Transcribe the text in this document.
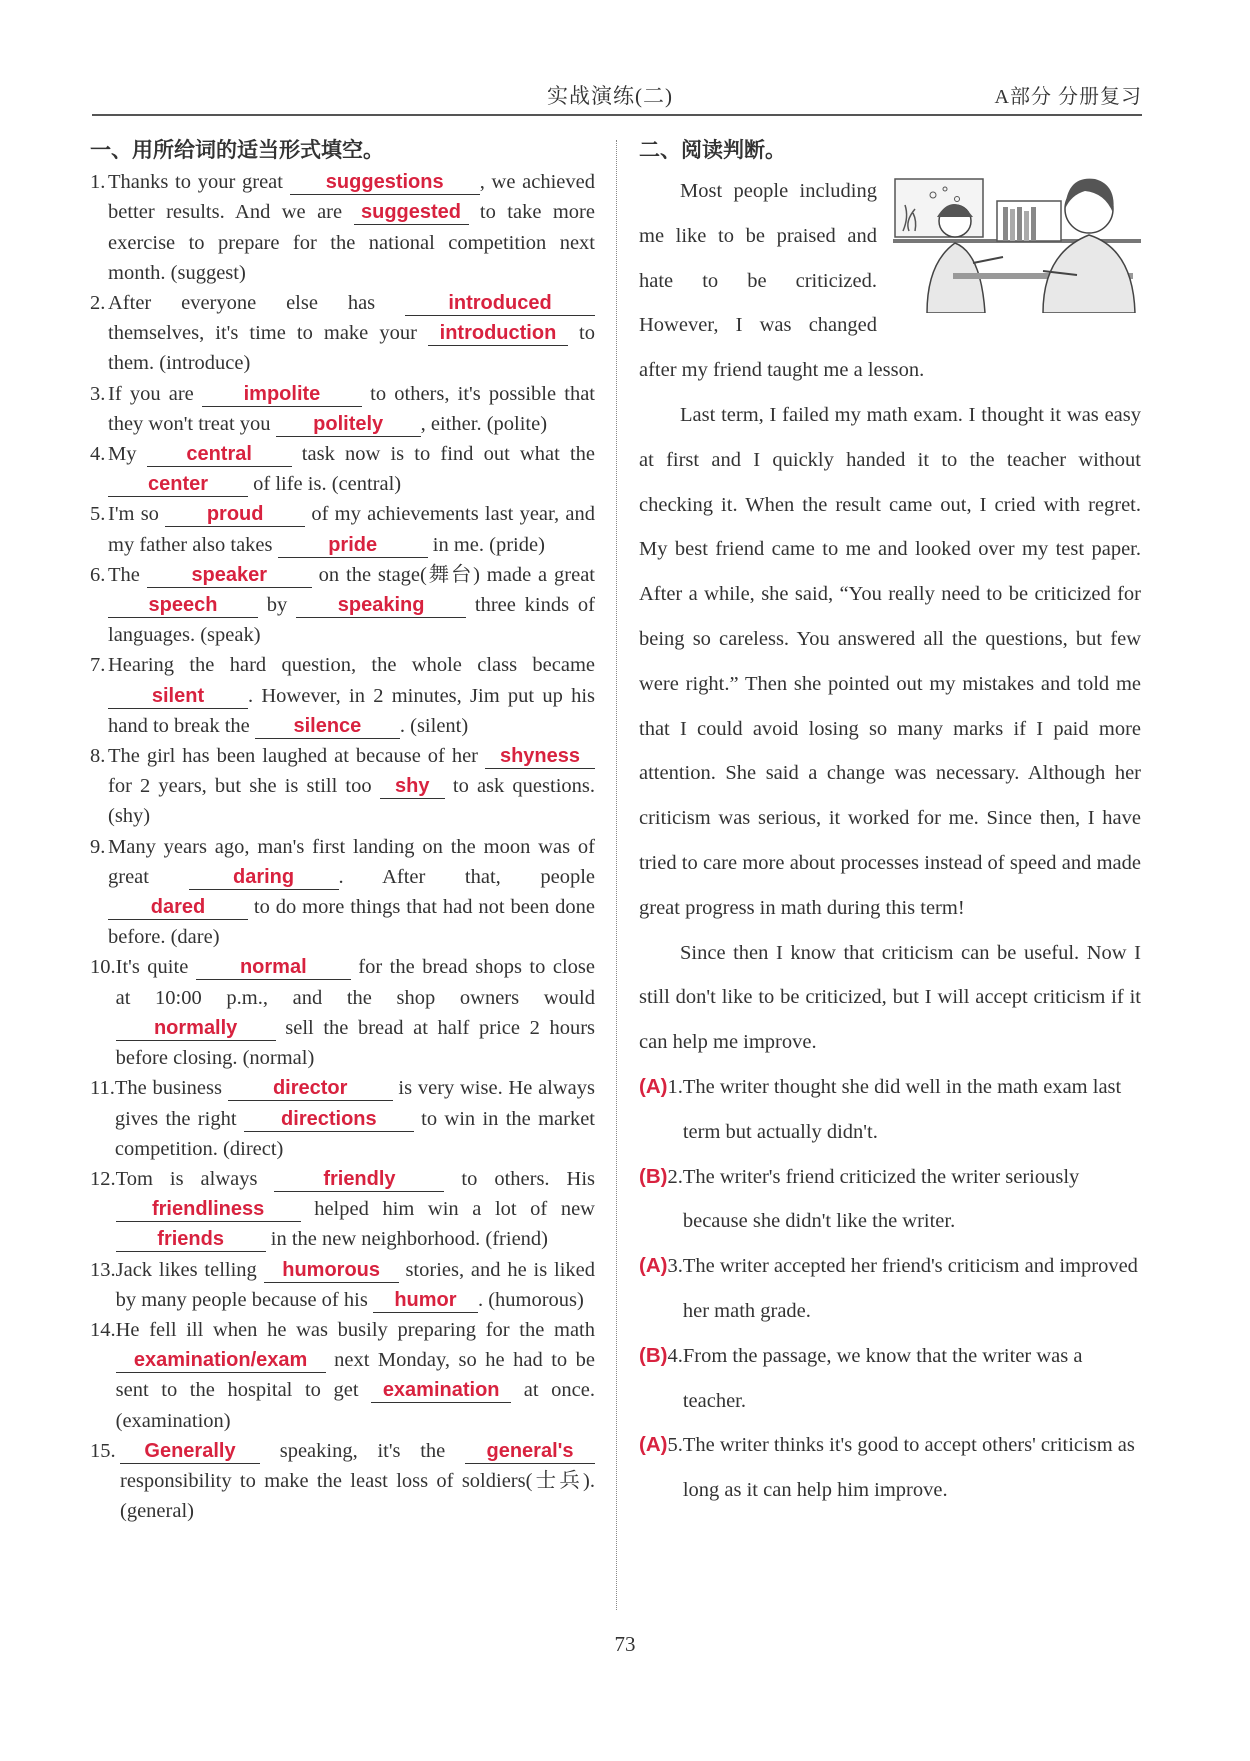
实战演练(二)	A部分 分册复习
一、用所给词的适当形式填空。
1. Thanks to your great suggestions , we achieved better results. And we are suggested to take more exercise to prepare for the national competition next month. (suggest)
2. After everyone else has introduced themselves, it's time to make your introduction to them. (introduce)
3. If you are impolite to others, it's possible that they won't treat you politely , either. (polite)
4. My central task now is to find out what the center of life is. (central)
5. I'm so proud of my achievements last year, and my father also takes	pride in me. (pride)
6. The speaker on the stage(舞台) made a great speech by speaking three kinds of languages. (speak)
7. Hearing the hard question, the whole class became silent . However, in 2 minutes, Jim put up his hand to break the silence . (silent)
8. The girl has been laughed at because of her shyness for 2 years, but she is still too shy to ask questions.(shy)
9. Many years ago, man's first landing on the moon was of great daring . After that, people dared to do more things that had not been done before. (dare)
10. It's quite normal for the bread shops to close at 10:00 p.m., and the shop owners would normally sell the bread at half price 2 hours before closing. (normal)
11. The business director is very wise. He always gives the right directions to win in the market competition. (direct)
12. Tom is always friendly to others. His friendliness helped him win a lot of new friends in the new neighborhood. (friend)
13. Jack likes telling humorous stories, and he is liked by many people because of his humor . (humorous)
14. He fell ill when he was busily preparing for the math examination/exam next Monday, so he had to be sent to the hospital to get examination at once. (examination)
15.	Generally speaking, it's the general's responsibility to make the least loss of soldiers(士兵). (general)
二、阅读判断。

Most people including me like to be praised and hate to be criticized. However, I was changed after my friend taught me a lesson.

Last term, I failed my math exam. I thought it was easy at first and I quickly handed it to the teacher without checking it. When the result came out, I cried with regret. My best friend came to me and looked over my test paper. After a while, she said, “You really need to be criticized for being so careless. You answered all the questions, but few were right.” Then she pointed out my mistakes and told me that I could avoid losing so many marks if I paid more attention. She said a change was necessary. Although her criticism was serious, it worked for me. Since then, I have tried to care more about processes instead of speed and made great progress in math during this term!

Since then I know that criticism can be useful. Now I still don't like to be criticized, but I will accept criticism if it can help me improve.

(A) 1. The writer thought she did well in the math exam last term but actually didn't.
(B) 2. The writer's friend criticized the writer seriously because she didn't like the writer.
(A) 3. The writer accepted her friend's criticism and improved her math grade.
(B) 4. From the passage, we know that the writer was a teacher.
(A) 5. The writer thinks it's good to accept others' criticism as long as it can help him improve.
73
